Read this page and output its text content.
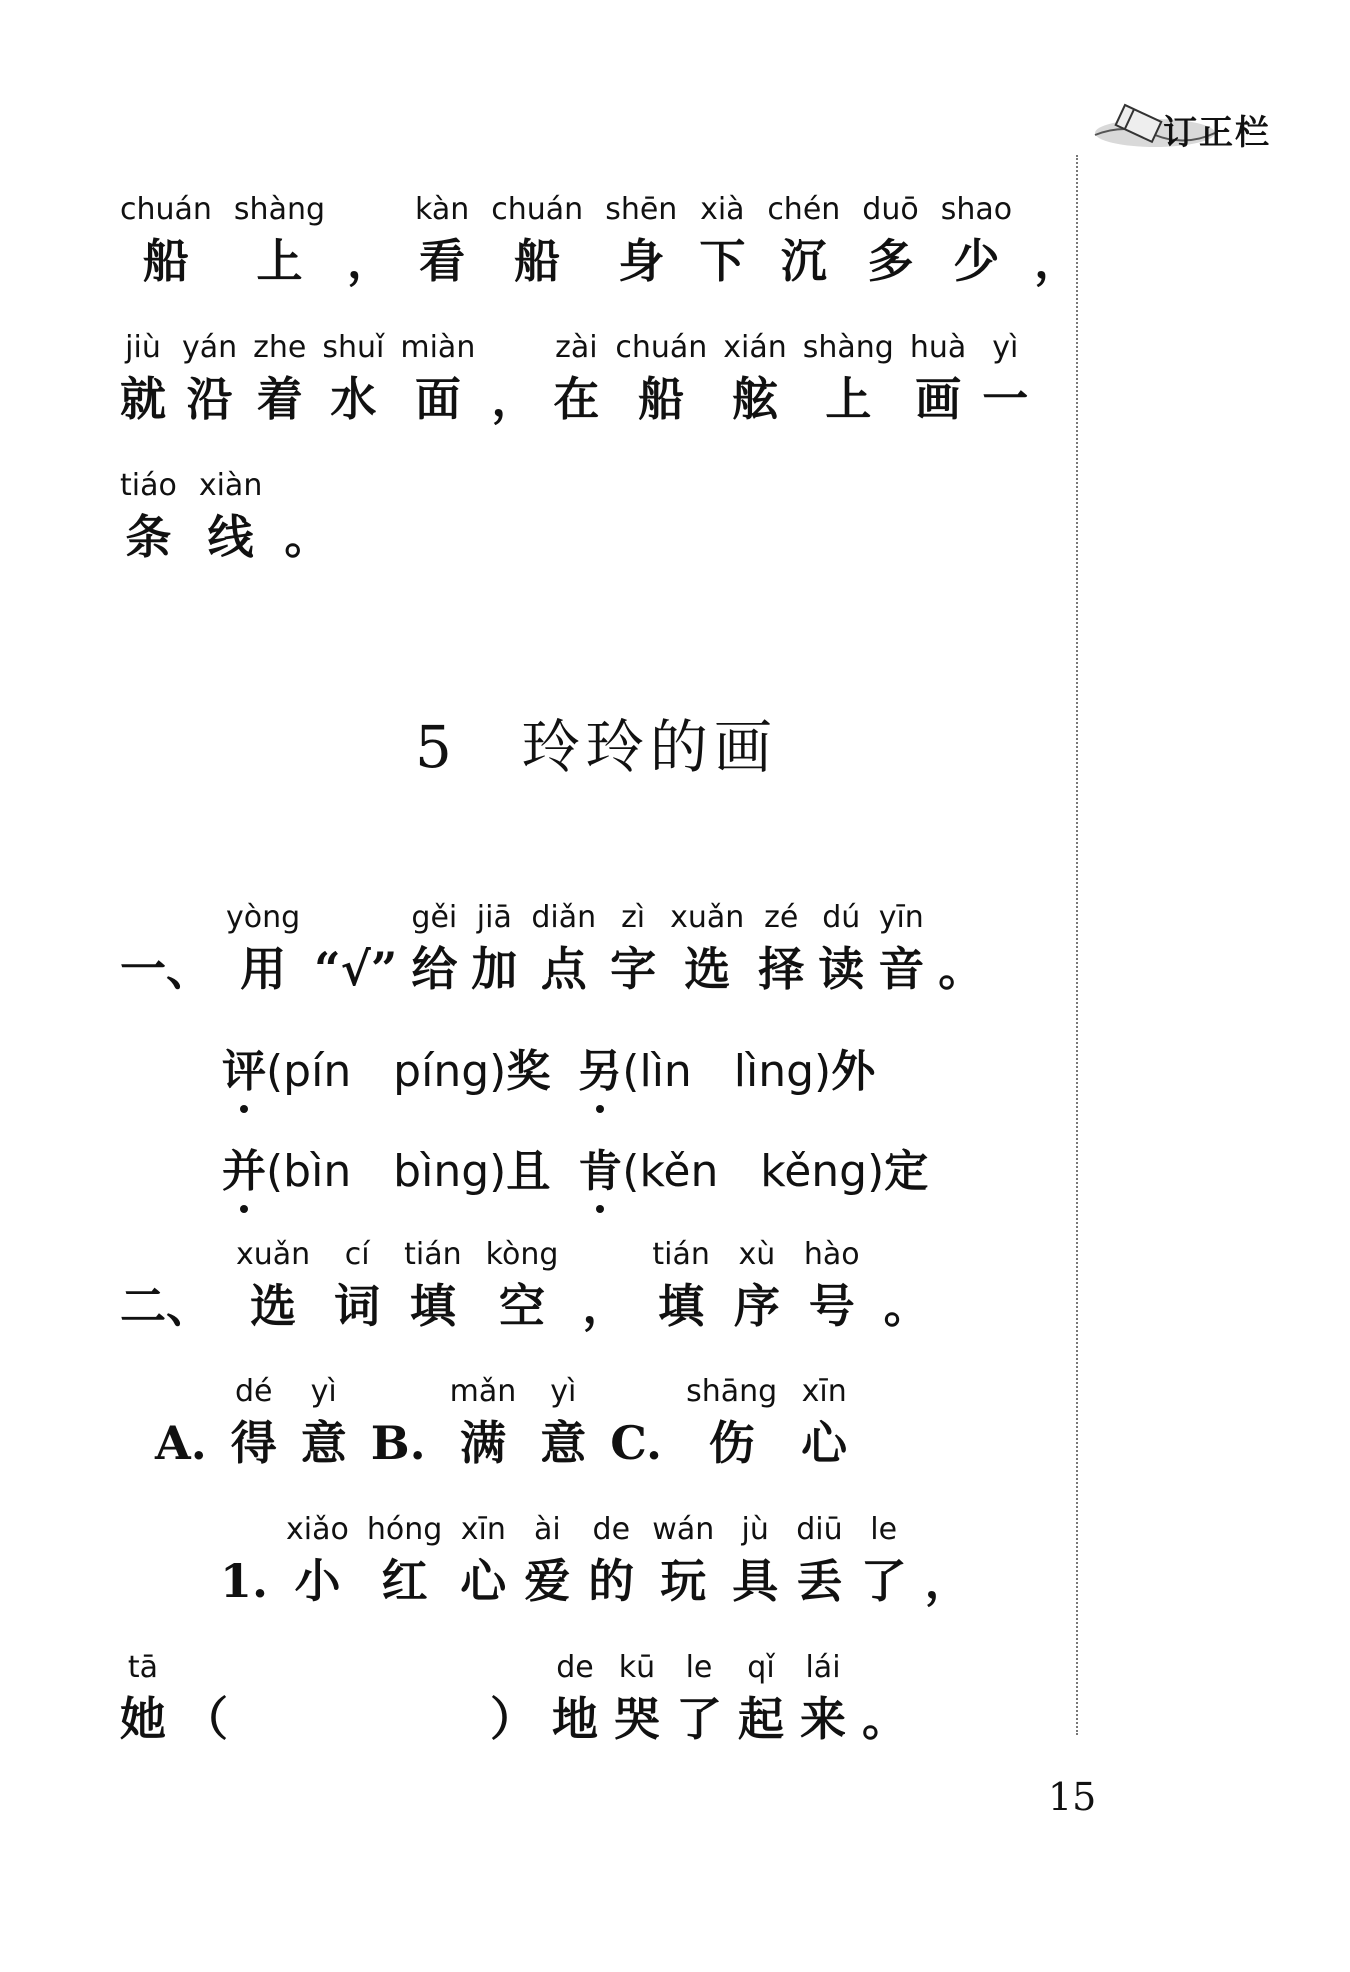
订正栏
chuán
船
shàng
上 ，
kàn
看
chuán
船
shēn
身
xià
下
chén
沉
duō
多
shao
少 ，
jiù
就
yán
沿
zhe
着
shuǐ
水
miàn
面 ，
zài
在
chuán
船
xián
舷
shàng
上
huà
画
yì
一
tiáo
条
xiàn
线 。
5　 玲玲的画
一、
yòng
用 “√”
gěi
给
jiā
加
diǎn
点
zì
字
xuǎn
选
zé
择
dú
读
yīn
音 。
评 (pín   píng) 奖
另 (lìn   lìng) 外
并 (bìn   bìng) 且
肯 (kěn   kěng) 定
二、
xuǎn
选
cí
词
tián
填
kòng
空 ，
tián
填
xù
序
hào
号 。
A.
dé
得
yì
意 B.
mǎn
满
yì
意 C.
shāng
伤
xīn
心
1.
xiǎo
小
hóng
红
xīn
心
ài
爱
de
的
wán
玩
jù
具
diū
丢
le
了 ，
tā
她 （
　　　　　	）
de
地
kū
哭
le
了
qǐ
起
lái
来 。
15
